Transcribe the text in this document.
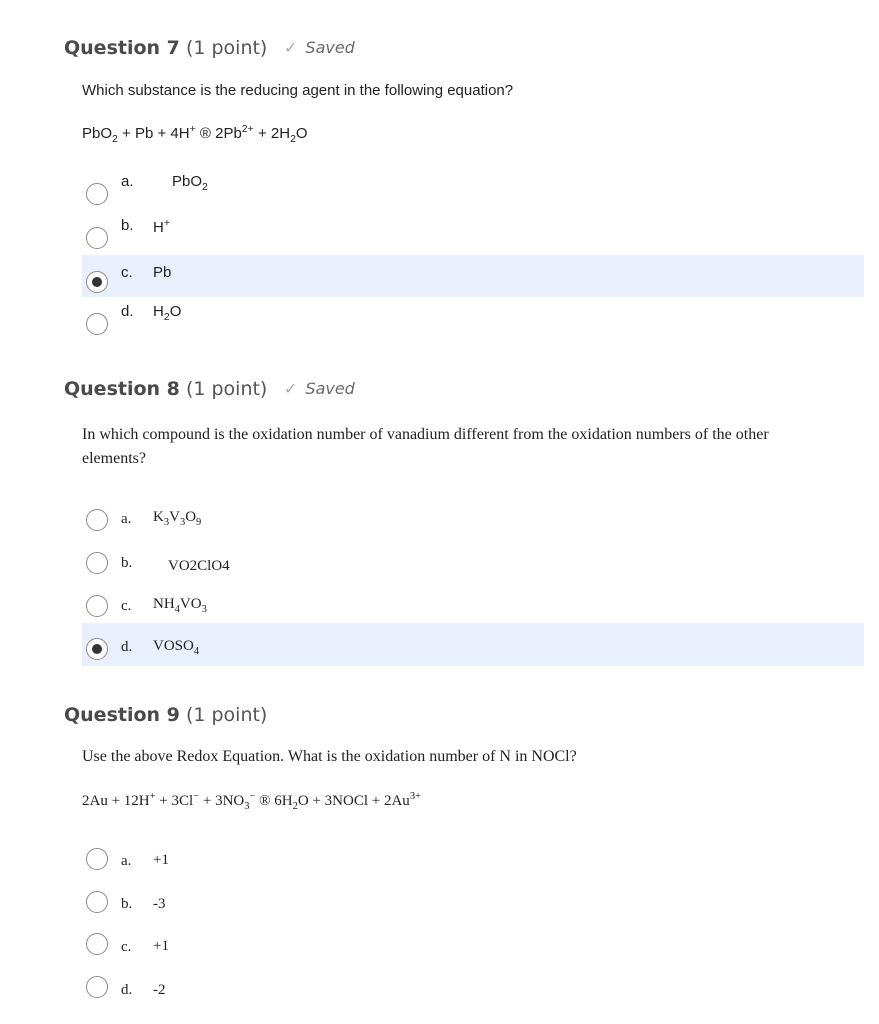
Question 7 (1 point) ✓ Saved
Which substance is the reducing agent in the following equation?
PbO$_2$ + Pb + 4H+ ® $2Pb^{2+} + 2H_2O$
a.	PbO$_2$
b. H+
c. Pb
d. $H_2O$
Question 8 (1 point) ✓ Saved
In which compound is the oxidation number of vanadium different from the oxidation numbers of the other
elements?
a. $K_3V_3O_9$
b. VO2ClO4
c. $NH_4VO_3$
d. $VOSO_4$
Question 9 (1 point)
Use the above Redox Equation. What is the oxidation number of N in NOCl?
$2Au + 12H^+ + 3Cl^- + 3NO_3^-$ ® $6H_2O$ + 3NOCl + $2Au^{3+}$
a. +1
b. -3
c. +1
d. -2
